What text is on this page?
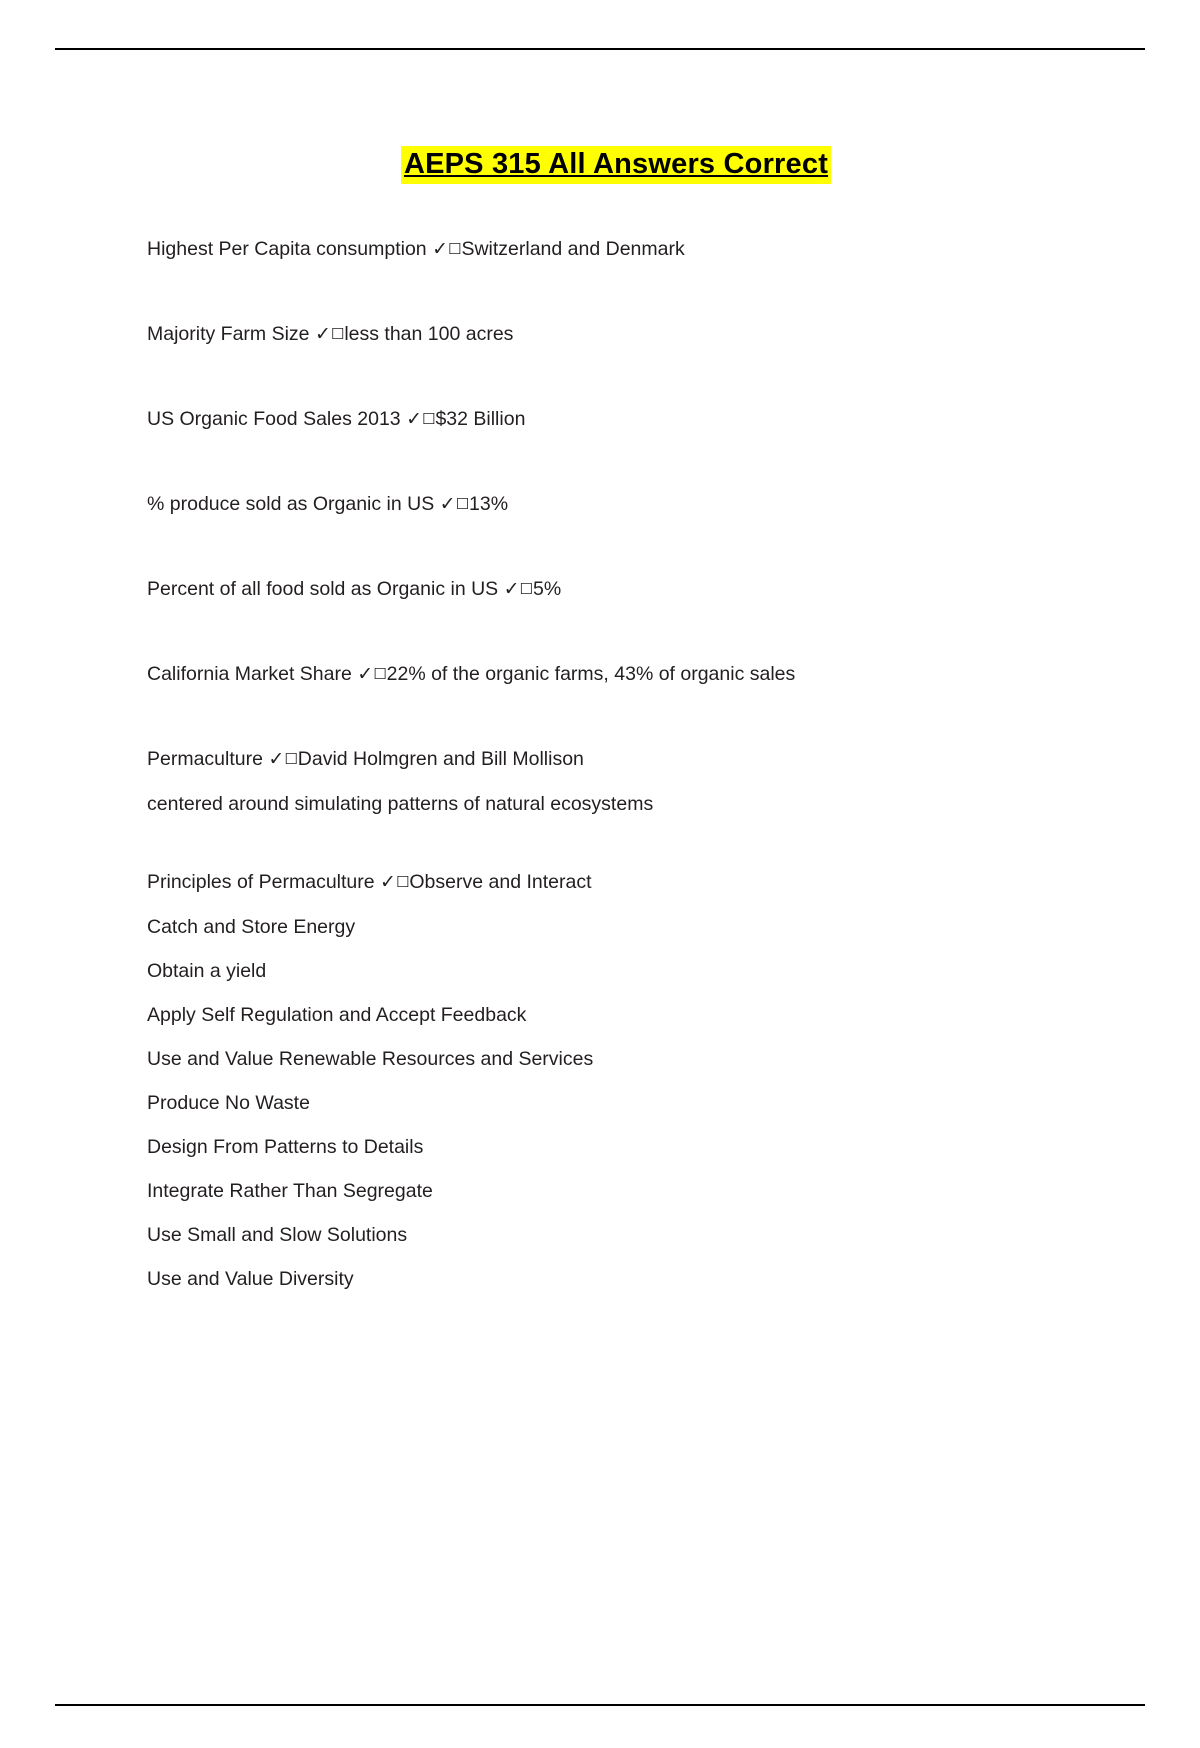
AEPS 315 All Answers Correct

Highest Per Capita consumption ✓☐Switzerland and Denmark

Majority Farm Size ✓☐less than 100 acres

US Organic Food Sales 2013 ✓☐$32 Billion

% produce sold as Organic in US ✓☐13%

Percent of all food sold as Organic in US ✓☐5%

California Market Share ✓☐22% of the organic farms, 43% of organic sales

Permaculture ✓☐David Holmgren and Bill Mollison

centered around simulating patterns of natural ecosystems

Principles of Permaculture ✓☐Observe and Interact

Catch and Store Energy

Obtain a yield

Apply Self Regulation and Accept Feedback

Use and Value Renewable Resources and Services

Produce No Waste

Design From Patterns to Details

Integrate Rather Than Segregate

Use Small and Slow Solutions

Use and Value Diversity
